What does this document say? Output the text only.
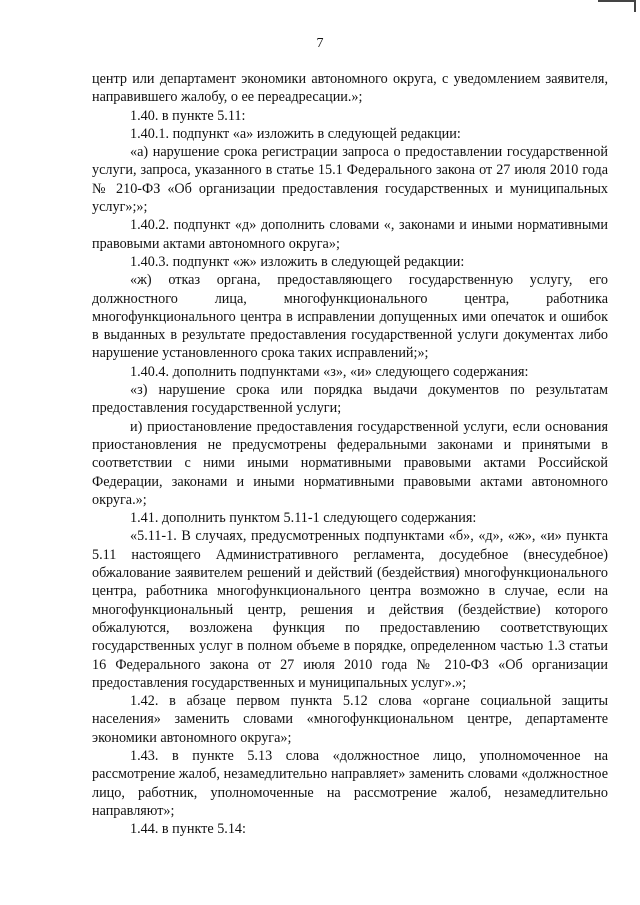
7

центр или департамент экономики автономного округа, с уведомлением заявителя, направившего жалобу, о ее переадресации.»;

1.40. в пункте 5.11:

1.40.1. подпункт «а» изложить в следующей редакции:

«а) нарушение срока регистрации запроса о предоставлении государственной услуги, запроса, указанного в статье 15.1 Федерального закона от 27 июля 2010 года № 210-ФЗ «Об организации предоставления государственных и муниципальных услуг»;»;

1.40.2. подпункт «д» дополнить словами «, законами и иными нормативными правовыми актами автономного округа»;

1.40.3. подпункт «ж» изложить в следующей редакции:

«ж) отказ органа, предоставляющего государственную услугу, его должностного лица, многофункционального центра, работника многофункционального центра в исправлении допущенных ими опечаток и ошибок в выданных в результате предоставления государственной услуги документах либо нарушение установленного срока таких исправлений;»;

1.40.4. дополнить подпунктами «з», «и» следующего содержания:

«з) нарушение срока или порядка выдачи документов по результатам предоставления государственной услуги;

и) приостановление предоставления государственной услуги, если основания приостановления не предусмотрены федеральными законами и принятыми в соответствии с ними иными нормативными правовыми актами Российской Федерации, законами и иными нормативными правовыми актами автономного округа.»;

1.41. дополнить пунктом 5.11-1 следующего содержания:

«5.11-1. В случаях, предусмотренных подпунктами «б», «д», «ж», «и» пункта 5.11 настоящего Административного регламента, досудебное (внесудебное) обжалование заявителем решений и действий (бездействия) многофункционального центра, работника многофункционального центра возможно в случае, если на многофункциональный центр, решения и действия (бездействие) которого обжалуются, возложена функция по предоставлению соответствующих государственных услуг в полном объеме в порядке, определенном частью 1.3 статьи 16 Федерального закона от 27 июля 2010 года № 210-ФЗ «Об организации предоставления государственных и муниципальных услуг».»;

1.42. в абзаце первом пункта 5.12 слова «органе социальной защиты населения» заменить словами «многофункциональном центре, департаменте экономики автономного округа»;

1.43. в пункте 5.13 слова «должностное лицо, уполномоченное на рассмотрение жалоб, незамедлительно направляет» заменить словами «должностное лицо, работник, уполномоченные на рассмотрение жалоб, незамедлительно направляют»;

1.44. в пункте 5.14:
